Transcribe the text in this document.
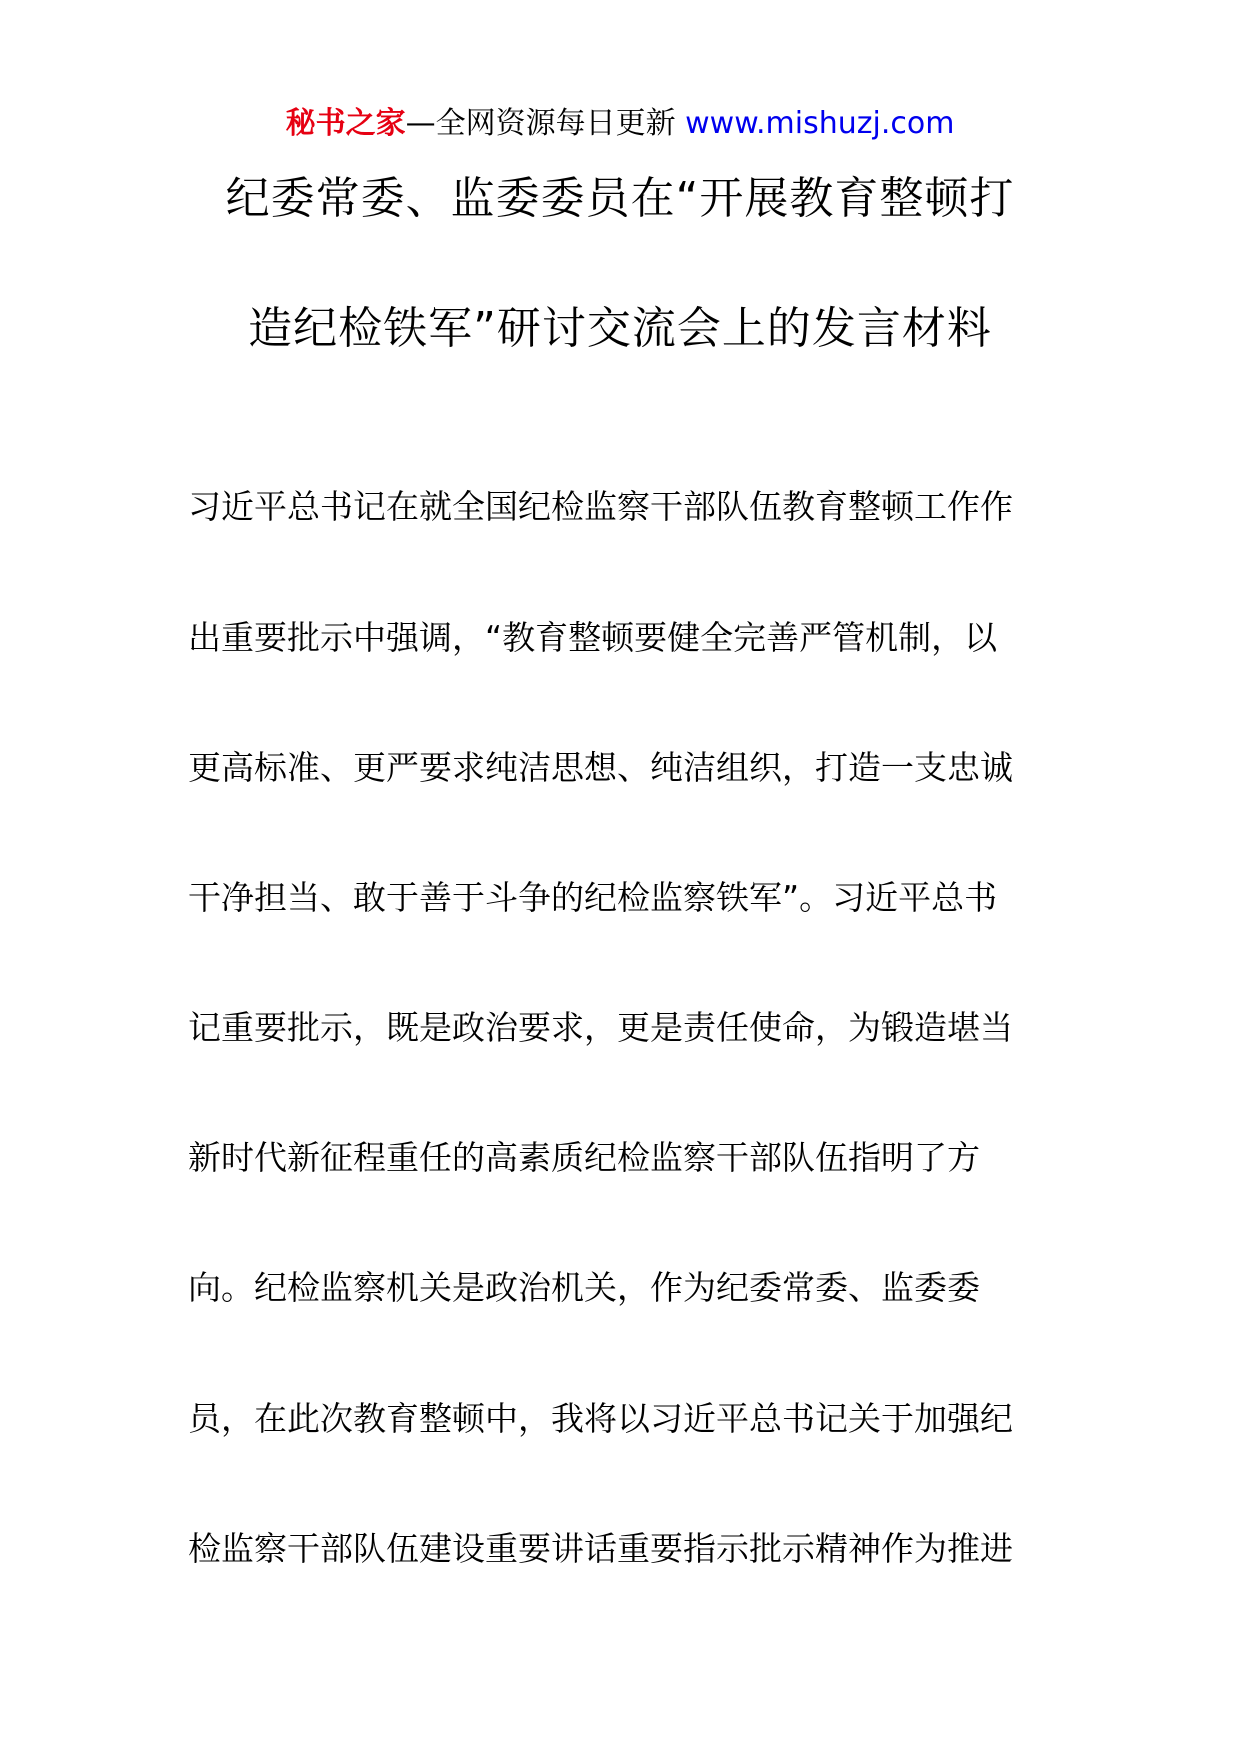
秘书之家—全网资源每日更新 www.mishuzj.com
纪委常委、监委委员在“开展教育整顿打
造纪检铁军”研讨交流会上的发言材料
习近平总书记在就全国纪检监察干部队伍教育整顿工作作
出重要批示中强调，“教育整顿要健全完善严管机制，以
更高标准、更严要求纯洁思想、纯洁组织，打造一支忠诚
干净担当、敢于善于斗争的纪检监察铁军”。习近平总书
记重要批示，既是政治要求，更是责任使命，为锻造堪当
新时代新征程重任的高素质纪检监察干部队伍指明了方
向。纪检监察机关是政治机关，作为纪委常委、监委委
员，在此次教育整顿中，我将以习近平总书记关于加强纪
检监察干部队伍建设重要讲话重要指示批示精神作为推进
